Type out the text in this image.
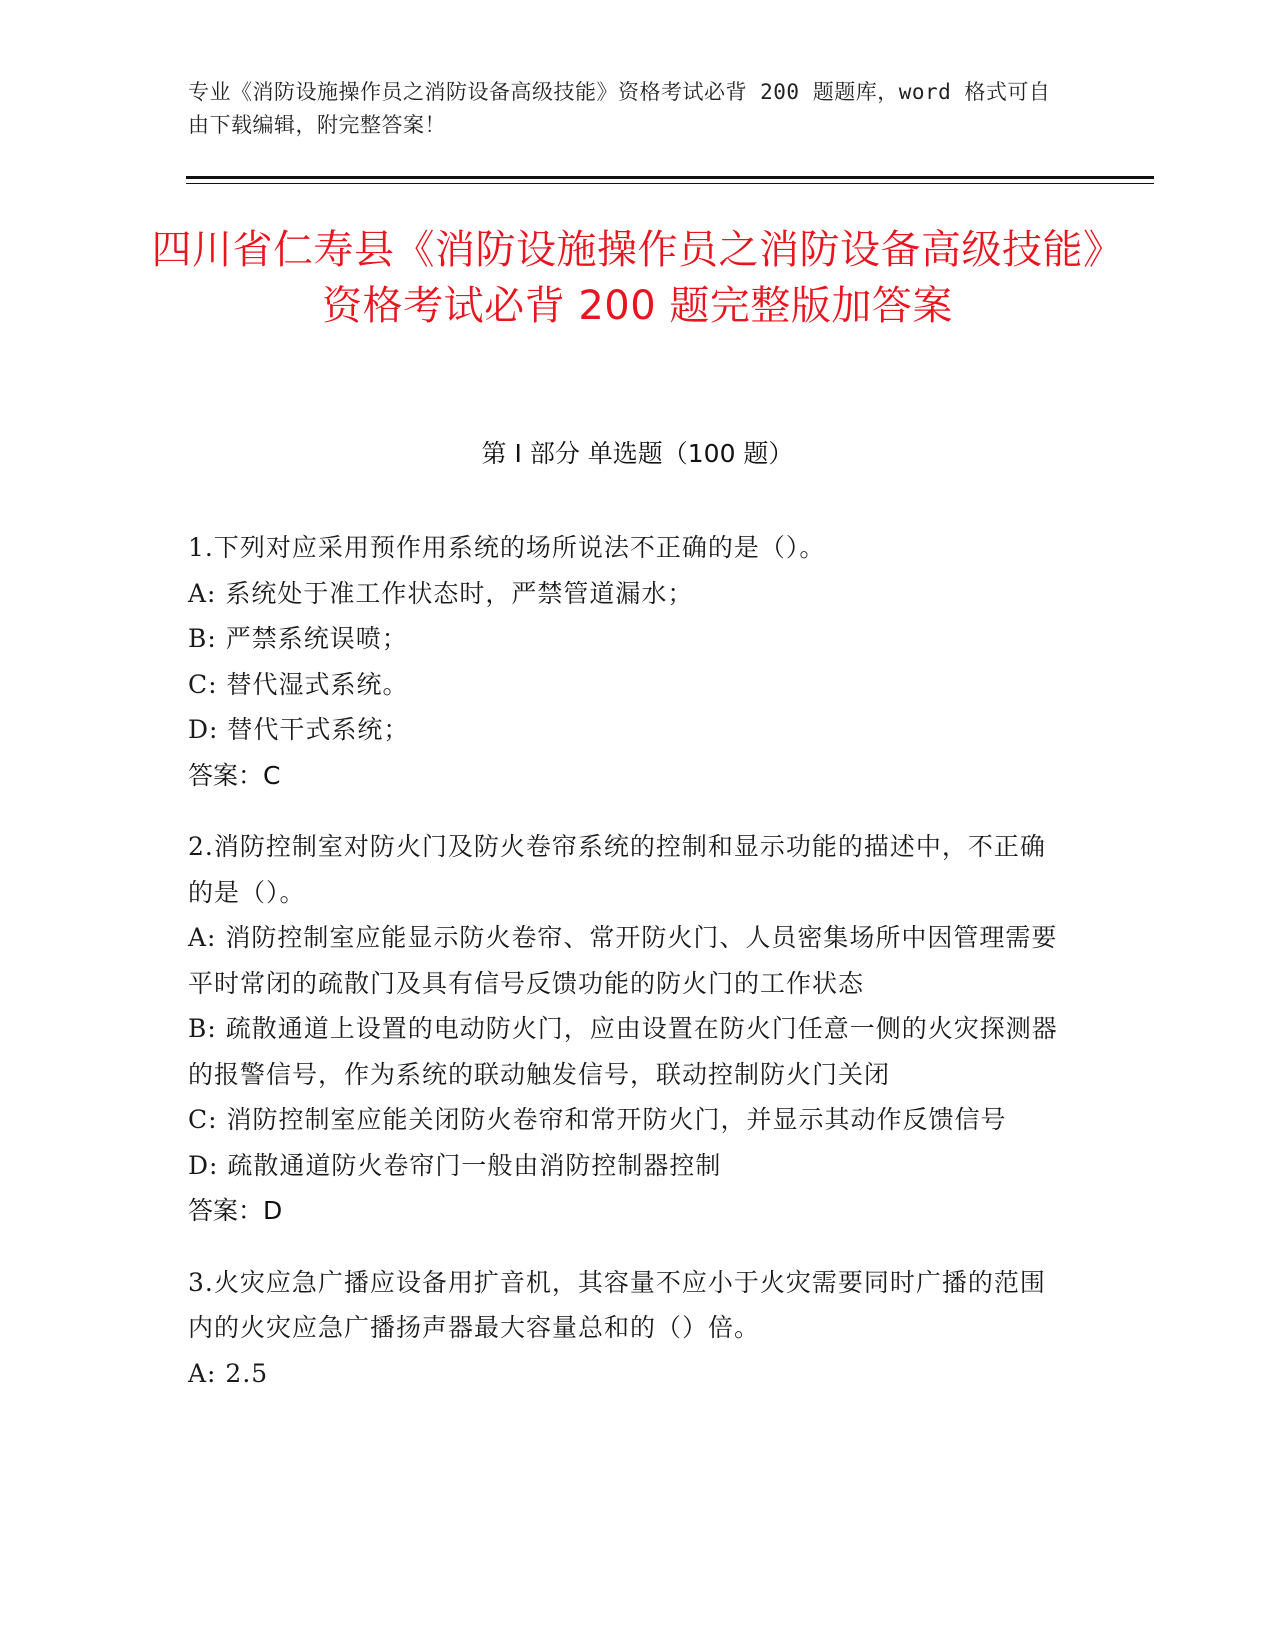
专业《消防设施操作员之消防设备高级技能》资格考试必背 200 题题库，word 格式可自由下载编辑，附完整答案！
四川省仁寿县《消防设施操作员之消防设备高级技能》资格考试必背 200 题完整版加答案
第 I 部分 单选题（100 题）
1.下列对应采用预作用系统的场所说法不正确的是（）。
A: 系统处于准工作状态时，严禁管道漏水；
B: 严禁系统误喷；
C: 替代湿式系统。
D: 替代干式系统；
答案：C
2.消防控制室对防火门及防火卷帘系统的控制和显示功能的描述中，不正确的是（）。
A: 消防控制室应能显示防火卷帘、常开防火门、人员密集场所中因管理需要平时常闭的疏散门及具有信号反馈功能的防火门的工作状态
B: 疏散通道上设置的电动防火门，应由设置在防火门任意一侧的火灾探测器的报警信号，作为系统的联动触发信号，联动控制防火门关闭
C: 消防控制室应能关闭防火卷帘和常开防火门，并显示其动作反馈信号
D: 疏散通道防火卷帘门一般由消防控制器控制
答案：D
3.火灾应急广播应设备用扩音机，其容量不应小于火灾需要同时广播的范围内的火灾应急广播扬声器最大容量总和的（）倍。
A: 2.5
